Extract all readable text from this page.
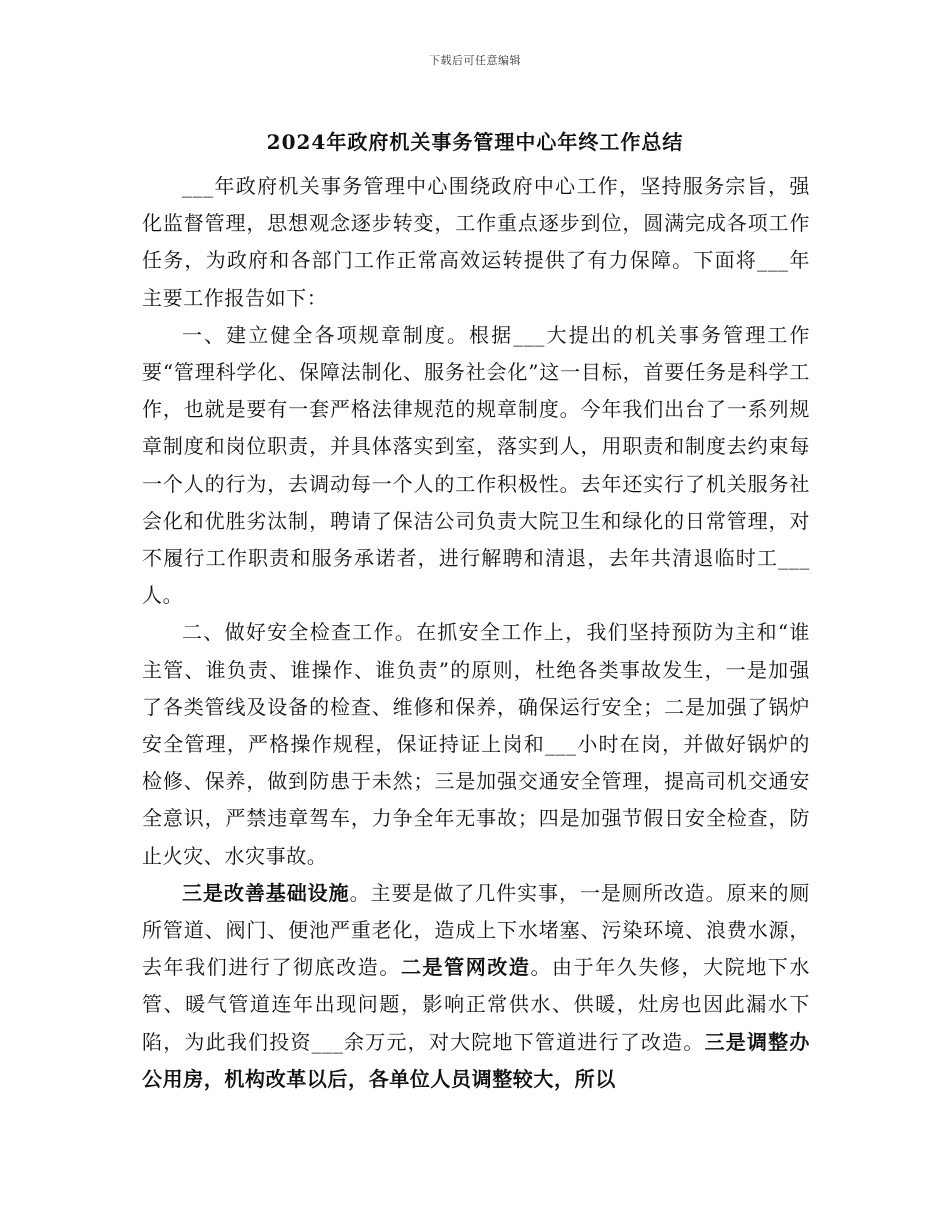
下载后可任意编辑
2024年政府机关事务管理中心年终工作总结

___年政府机关事务管理中心围绕政府中心工作，坚持服务宗旨，强化监督管理，思想观念逐步转变，工作重点逐步到位，圆满完成各项工作任务，为政府和各部门工作正常高效运转提供了有力保障。下面将___年主要工作报告如下：

一、建立健全各项规章制度。根据___大提出的机关事务管理工作要“管理科学化、保障法制化、服务社会化”这一目标，首要任务是科学工作，也就是要有一套严格法律规范的规章制度。今年我们出台了一系列规章制度和岗位职责，并具体落实到室，落实到人，用职责和制度去约束每一个人的行为，去调动每一个人的工作积极性。去年还实行了机关服务社会化和优胜劣汰制，聘请了保洁公司负责大院卫生和绿化的日常管理，对不履行工作职责和服务承诺者，进行解聘和清退，去年共清退临时工___人。

二、做好安全检查工作。在抓安全工作上，我们坚持预防为主和“谁主管、谁负责、谁操作、谁负责”的原则，杜绝各类事故发生，一是加强了各类管线及设备的检查、维修和保养，确保运行安全；二是加强了锅炉安全管理，严格操作规程，保证持证上岗和___小时在岗，并做好锅炉的检修、保养，做到防患于未然；三是加强交通安全管理，提高司机交通安全意识，严禁违章驾车，力争全年无事故；四是加强节假日安全检查，防止火灾、水灾事故。

三是改善基础设施。主要是做了几件实事，一是厕所改造。原来的厕所管道、阀门、便池严重老化，造成上下水堵塞、污染环境、浪费水源，去年我们进行了彻底改造。二是管网改造。由于年久失修，大院地下水管、暖气管道连年出现问题，影响正常供水、供暖，灶房也因此漏水下陷，为此我们投资___余万元，对大院地下管道进行了改造。三是调整办公用房，机构改革以后，各单位人员调整较大，所以
